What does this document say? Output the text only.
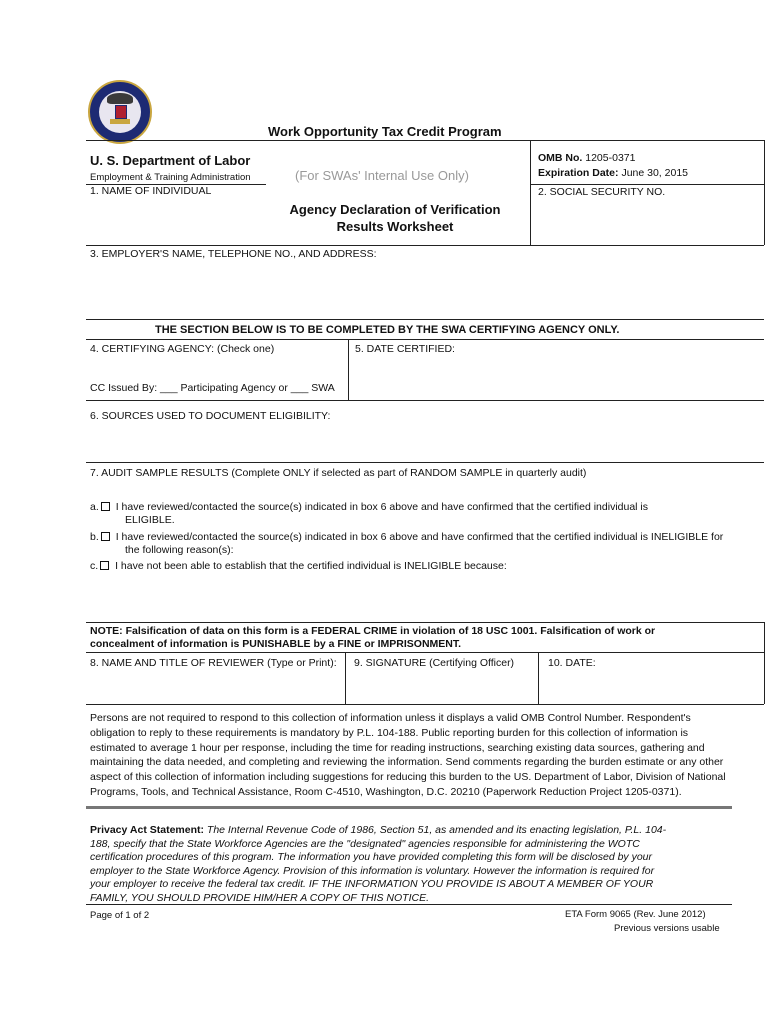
Work Opportunity Tax Credit Program
U. S. Department of Labor
Employment & Training Administration	(For SWAs' Internal Use Only)
OMB No. 1205-0371
Expiration Date: June 30, 2015
1. NAME OF INDIVIDUAL	2. SOCIAL SECURITY NO.
Agency Declaration of Verification
Results Worksheet
3. EMPLOYER'S NAME, TELEPHONE NO., AND ADDRESS:
THE SECTION BELOW IS TO BE COMPLETED BY THE SWA CERTIFYING AGENCY ONLY.
4. CERTIFYING AGENCY: (Check one)	5. DATE CERTIFIED:
CC Issued By: ___ Participating Agency or ___ SWA
6. SOURCES USED TO DOCUMENT ELIGIBILITY:
7. AUDIT SAMPLE RESULTS (Complete ONLY if selected as part of RANDOM SAMPLE in quarterly audit)
a. I have reviewed/contacted the source(s) indicated in box 6 above and have confirmed that the certified individual is
ELIGIBLE.
b. I have reviewed/contacted the source(s) indicated in box 6 above and have confirmed that the certified individual is INELIGIBLE for
the following reason(s):
c. I have not been able to establish that the certified individual is INELIGIBLE because:
NOTE: Falsification of data on this form is a FEDERAL CRIME in violation of 18 USC 1001. Falsification of work or
concealment of information is PUNISHABLE by a FINE or IMPRISONMENT.
8. NAME AND TITLE OF REVIEWER (Type or Print): 9. SIGNATURE (Certifying Officer)	10. DATE:
Persons are not required to respond to this collection of information unless it displays a valid OMB Control Number. Respondent's
obligation to reply to these requirements is mandatory by P.L. 104-188. Public reporting burden for this collection of information is
estimated to average 1 hour per response, including the time for reading instructions, searching existing data sources, gathering and
maintaining the data needed, and completing and reviewing the information. Send comments regarding the burden estimate or any other
aspect of this collection of information including suggestions for reducing this burden to the US. Department of Labor, Division of National
Programs, Tools, and Technical Assistance, Room C-4510, Washington, D.C. 20210 (Paperwork Reduction Project 1205-0371).
Privacy Act Statement: The Internal Revenue Code of 1986, Section 51, as amended and its enacting legislation, P.L. 104-
188, specify that the State Workforce Agencies are the "designated" agencies responsible for administering the WOTC
certification procedures of this program. The information you have provided completing this form will be disclosed by your
employer to the State Workforce Agency. Provision of this information is voluntary. However the information is required for
your employer to receive the federal tax credit. IF THE INFORMATION YOU PROVIDE IS ABOUT A MEMBER OF YOUR
FAMILY, YOU SHOULD PROVIDE HIM/HER A COPY OF THIS NOTICE.
Page of 1 of 2	ETA Form 9065 (Rev. June 2012)
Previous versions usable
